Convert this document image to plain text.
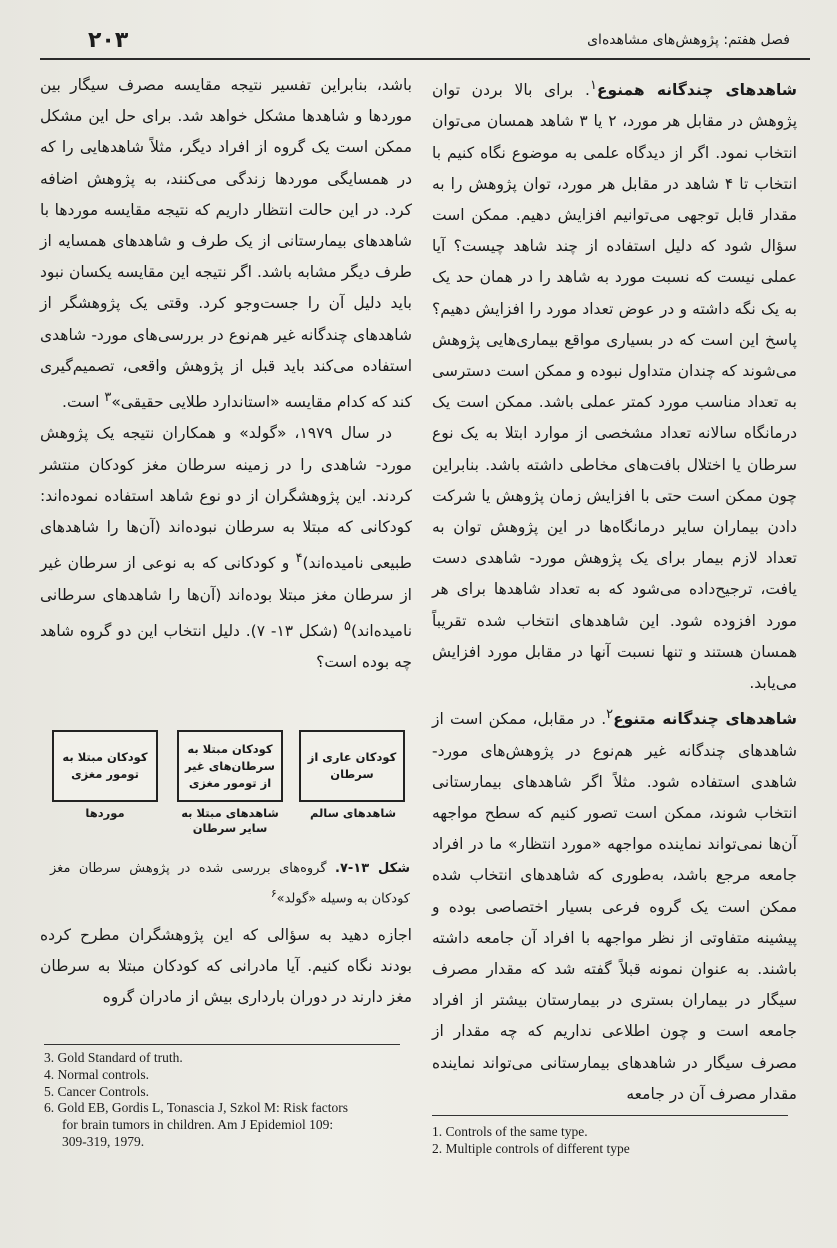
۲۰۳	فصل هفتم: پژوهش‌های مشاهده‌ای

شاهدهای چندگانه همنوع$^۱$. برای بالا بردن توان پژوهش در مقابل هر مورد، ۲ یا ۳ شاهد همسان می‌توان انتخاب نمود. اگر از دیدگاه علمی به موضوع نگاه کنیم با انتخاب تا ۴ شاهد در مقابل هر مورد، توان پژوهش را به مقدار قابل توجهی می‌توانیم افزایش دهیم. ممکن است سؤال شود که دلیل استفاده از چند شاهد چیست؟ آیا عملی نیست که نسبت مورد به شاهد را در همان حد یک به یک نگه داشته و در عوض تعداد مورد را افزایش دهیم؟ پاسخ این است که در بسیاری مواقع بیماری‌هایی پژوهش می‌شوند که چندان متداول نبوده و ممکن است دسترسی به تعداد مناسب مورد کمتر عملی باشد. ممکن است یک درمانگاه سالانه تعداد مشخصی از موارد ابتلا به یک نوع سرطان یا اختلال بافت‌های مخاطی داشته باشد. بنابراین چون ممکن است حتی با افزایش زمان پژوهش یا شرکت دادن بیماران سایر درمانگاه‌ها در این پژوهش توان به تعداد لازم بیمار برای یک پژوهش مورد- شاهدی دست یافت، ترجیح‌داده می‌شود که به تعداد شاهدها برای هر مورد افزوده شود. این شاهدهای انتخاب شده تقریباً همسان هستند و تنها نسبت آنها در مقابل مورد افزایش می‌یابد.

شاهدهای چندگانه متنوع$^۲$. در مقابل، ممکن است از شاهدهای چندگانه غیر هم‌نوع در پژوهش‌های مورد- شاهدی استفاده شود. مثلاً اگر شاهدهای بیمارستانی انتخاب شوند، ممکن است تصور کنیم که سطح مواجهه آن‌ها نمی‌تواند نماینده مواجهه «مورد انتظار» ما در افراد جامعه مرجع باشد، به‌طوری که شاهدهای انتخاب شده ممکن است یک گروه فرعی بسیار اختصاصی بوده و پیشینه متفاوتی از نظر مواجهه با افراد آن جامعه داشته باشند. به عنوان نمونه قبلاً گفته شد که مقدار مصرف سیگار در بیماران بستری در بیمارستان بیشتر از افراد جامعه است و چون اطلاعی نداریم که چه مقدار از مصرف سیگار در شاهدهای بیمارستانی می‌تواند نماینده مقدار مصرف آن در جامعه

باشد، بنابراین تفسیر نتیجه مقایسه مصرف سیگار بین موردها و شاهدها مشکل خواهد شد. برای حل این مشکل ممکن است یک گروه از افراد دیگر، مثلاً شاهدهایی را که در همسایگی موردها زندگی می‌کنند، به پژوهش اضافه کرد. در این حالت انتظار داریم که نتیجه مقایسه موردها با شاهدهای بیمارستانی از یک طرف و شاهدهای همسایه از طرف دیگر مشابه باشد. اگر نتیجه این مقایسه یکسان نبود باید دلیل آن را جست‌وجو کرد. وقتی یک پژوهشگر از شاهدهای چندگانه غیر هم‌نوع در بررسی‌های مورد- شاهدی استفاده می‌کند باید قبل از پژوهش واقعی، تصمیم‌گیری کند که کدام مقایسه «استاندارد طلایی حقیقی»$^۳$ است.

در سال ۱۹۷۹، «گولد» و همکاران نتیجه یک پژوهش مورد- شاهدی را در زمینه سرطان مغز کودکان منتشر کردند. این پژوهشگران از دو نوع شاهد استفاده نموده‌اند: کودکانی که مبتلا به سرطان نبوده‌اند (آن‌ها را شاهدهای طبیعی نامیده‌اند)$^۴$ و کودکانی که به نوعی از سرطان غیر از سرطان مغز مبتلا بوده‌اند (آن‌ها را شاهدهای سرطانی نامیده‌اند)$^۵$ (شکل ۱۳- ۷). دلیل انتخاب این دو گروه شاهد چه بوده است؟

کودکان مبتلا به تومور مغزی
کودکان مبتلا به سرطان‌های غیر از تومور مغزی
کودکان عاری از سرطان
موردها	شاهدهای مبتلا به سایر سرطان
شاهدهای سالم
شکل ۱۳-۷. گروه‌های بررسی شده در پژوهش سرطان مغز کودکان به وسیله «گولد»$^۶$
اجازه دهید به سؤالی که این پژوهشگران مطرح کرده بودند نگاه کنیم. آیا مادرانی که کودکان مبتلا به سرطان مغز دارند در دوران بارداری بیش از مادران گروه
3. Gold Standard of truth.
4. Normal controls.
5. Cancer Controls.
6. Gold EB, Gordis L, Tonascia J, Szkol M: Risk factors
for brain tumors in children. Am J Epidemiol 109:
309-319, 1979.
1. Controls of the same type.
2. Multiple controls of different type
